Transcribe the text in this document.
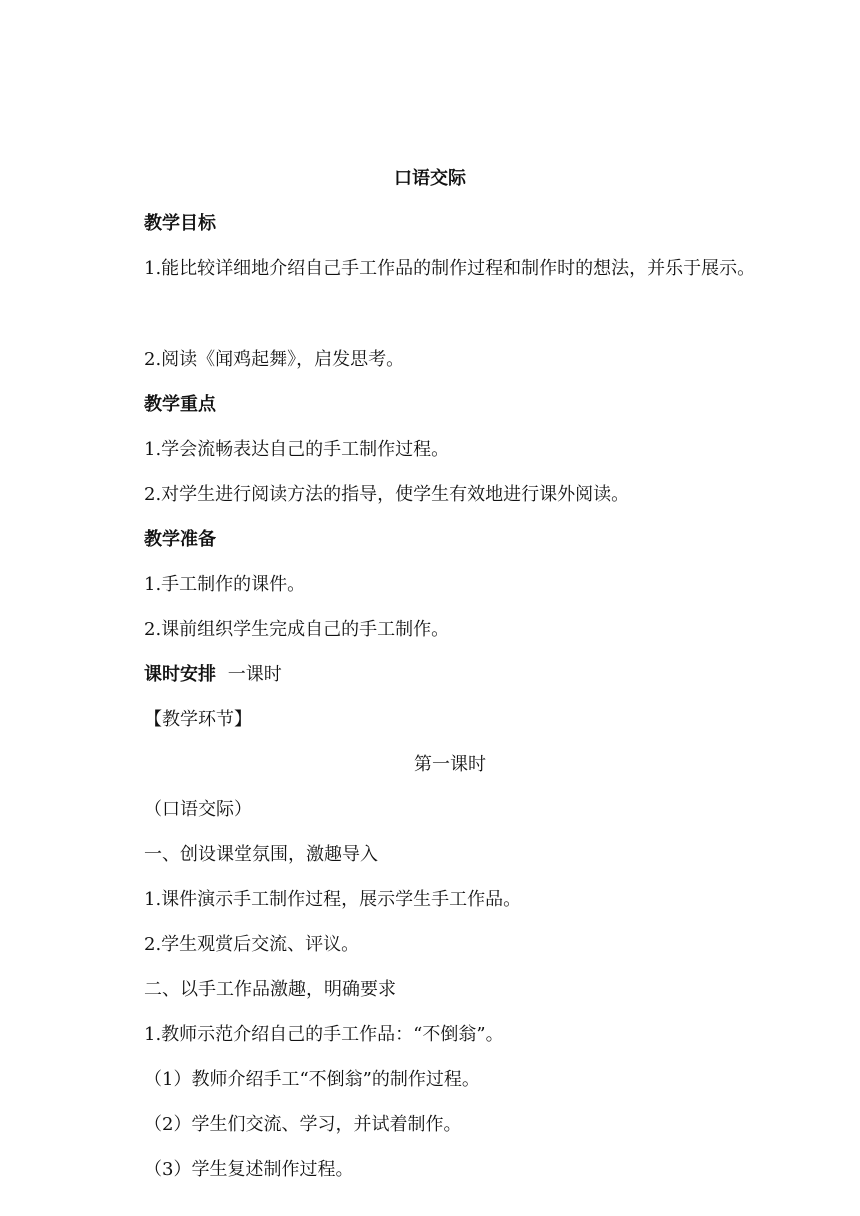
口语交际
教学目标
1.能比较详细地介绍自己手工作品的制作过程和制作时的想法，并乐于展示。
2.阅读《闻鸡起舞》，启发思考。
教学重点
1.学会流畅表达自己的手工制作过程。
2.对学生进行阅读方法的指导，使学生有效地进行课外阅读。
教学准备
1.手工制作的课件。
2.课前组织学生完成自己的手工制作。
课时安排 一课时
【教学环节】
第一课时
（口语交际）
一、创设课堂氛围，激趣导入
1.课件演示手工制作过程，展示学生手工作品。
2.学生观赏后交流、评议。
二、以手工作品激趣，明确要求
1.教师示范介绍自己的手工作品：“不倒翁”。
（1）教师介绍手工“不倒翁”的制作过程。
（2）学生们交流、学习，并试着制作。
（3）学生复述制作过程。
